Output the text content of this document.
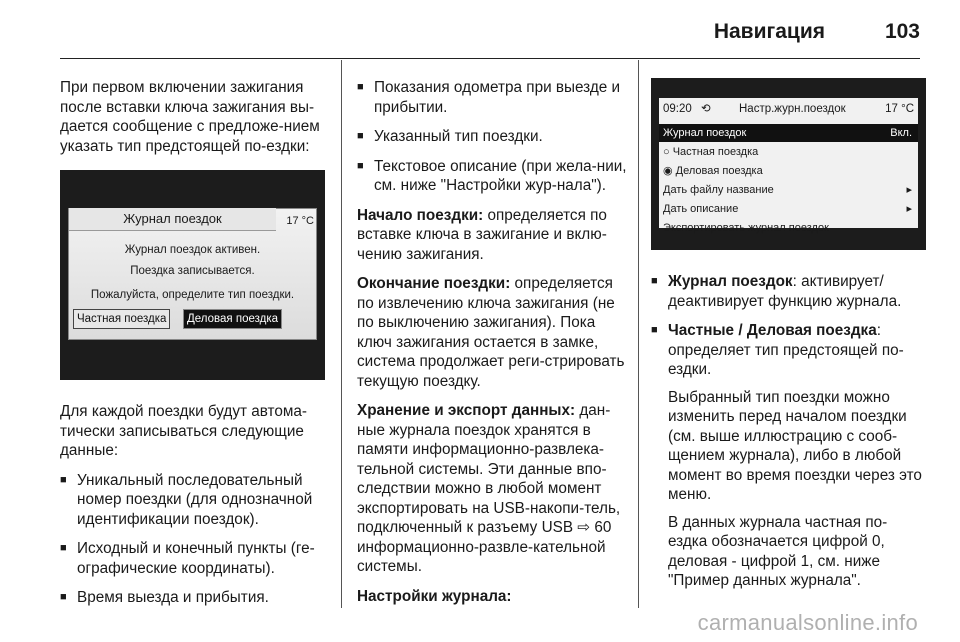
Навигация	103

При первом включении зажигания после вставки ключа зажигания вы-дается сообщение с предложе-нием указать тип предстоящей по-ездки:

Журнал поездок	17 °C
Журнал поездок активен.
Поездка записывается.
Пожалуйста, определите тип поездки.
Частная поездка	Деловая поездка

Для каждой поездки будут автома-тически записываться следующие данные:

■ Уникальный последовательный номер поездки (для однозначной идентификации поездок).
■ Исходный и конечный пункты (ге-ографические координаты).
■ Время выезда и прибытия.
■ Показания одометра при выезде и прибытии.
■ Указанный тип поездки.
■ Текстовое описание (при жела-нии, см. ниже "Настройки жур-нала").

Начало поездки: определяется по вставке ключа в зажигание и вклю-чению зажигания.

Окончание поездки: определяется по извлечению ключа зажигания (не по выключению зажигания). Пока ключ зажигания остается в замке, система продолжает реги-стрировать текущую поездку.

Хранение и экспорт данных: дан-ные журнала поездок хранятся в памяти информационно-развлека-тельной системы. Эти данные впо-следствии можно в любой момент экспортировать на USB-накопи-тель, подключенный к разъему USB ⇨ 60 информационно-развле-кательной системы.

Настройки журнала:

09:20 ⟲ Настр.журн.поездок	17 °C
Журнал поездок	Вкл.
○ Частная поездка
◉ Деловая поездка
Дать файлу название	▸
Дать описание	▸
Экспортировать журнал поездок
■ Журнал поездок: активирует/ деактивирует функцию журнала.
■ Частные / Деловая поездка: определяет тип предстоящей по-ездки.

Выбранный тип поездки можно изменить перед началом поездки (см. выше иллюстрацию с сооб-щением журнала), либо в любой момент во время поездки через это меню.

В данных журнала частная по-ездка обозначается цифрой 0, деловая - цифрой 1, см. ниже "Пример данных журнала".

carmanualsonline.info
